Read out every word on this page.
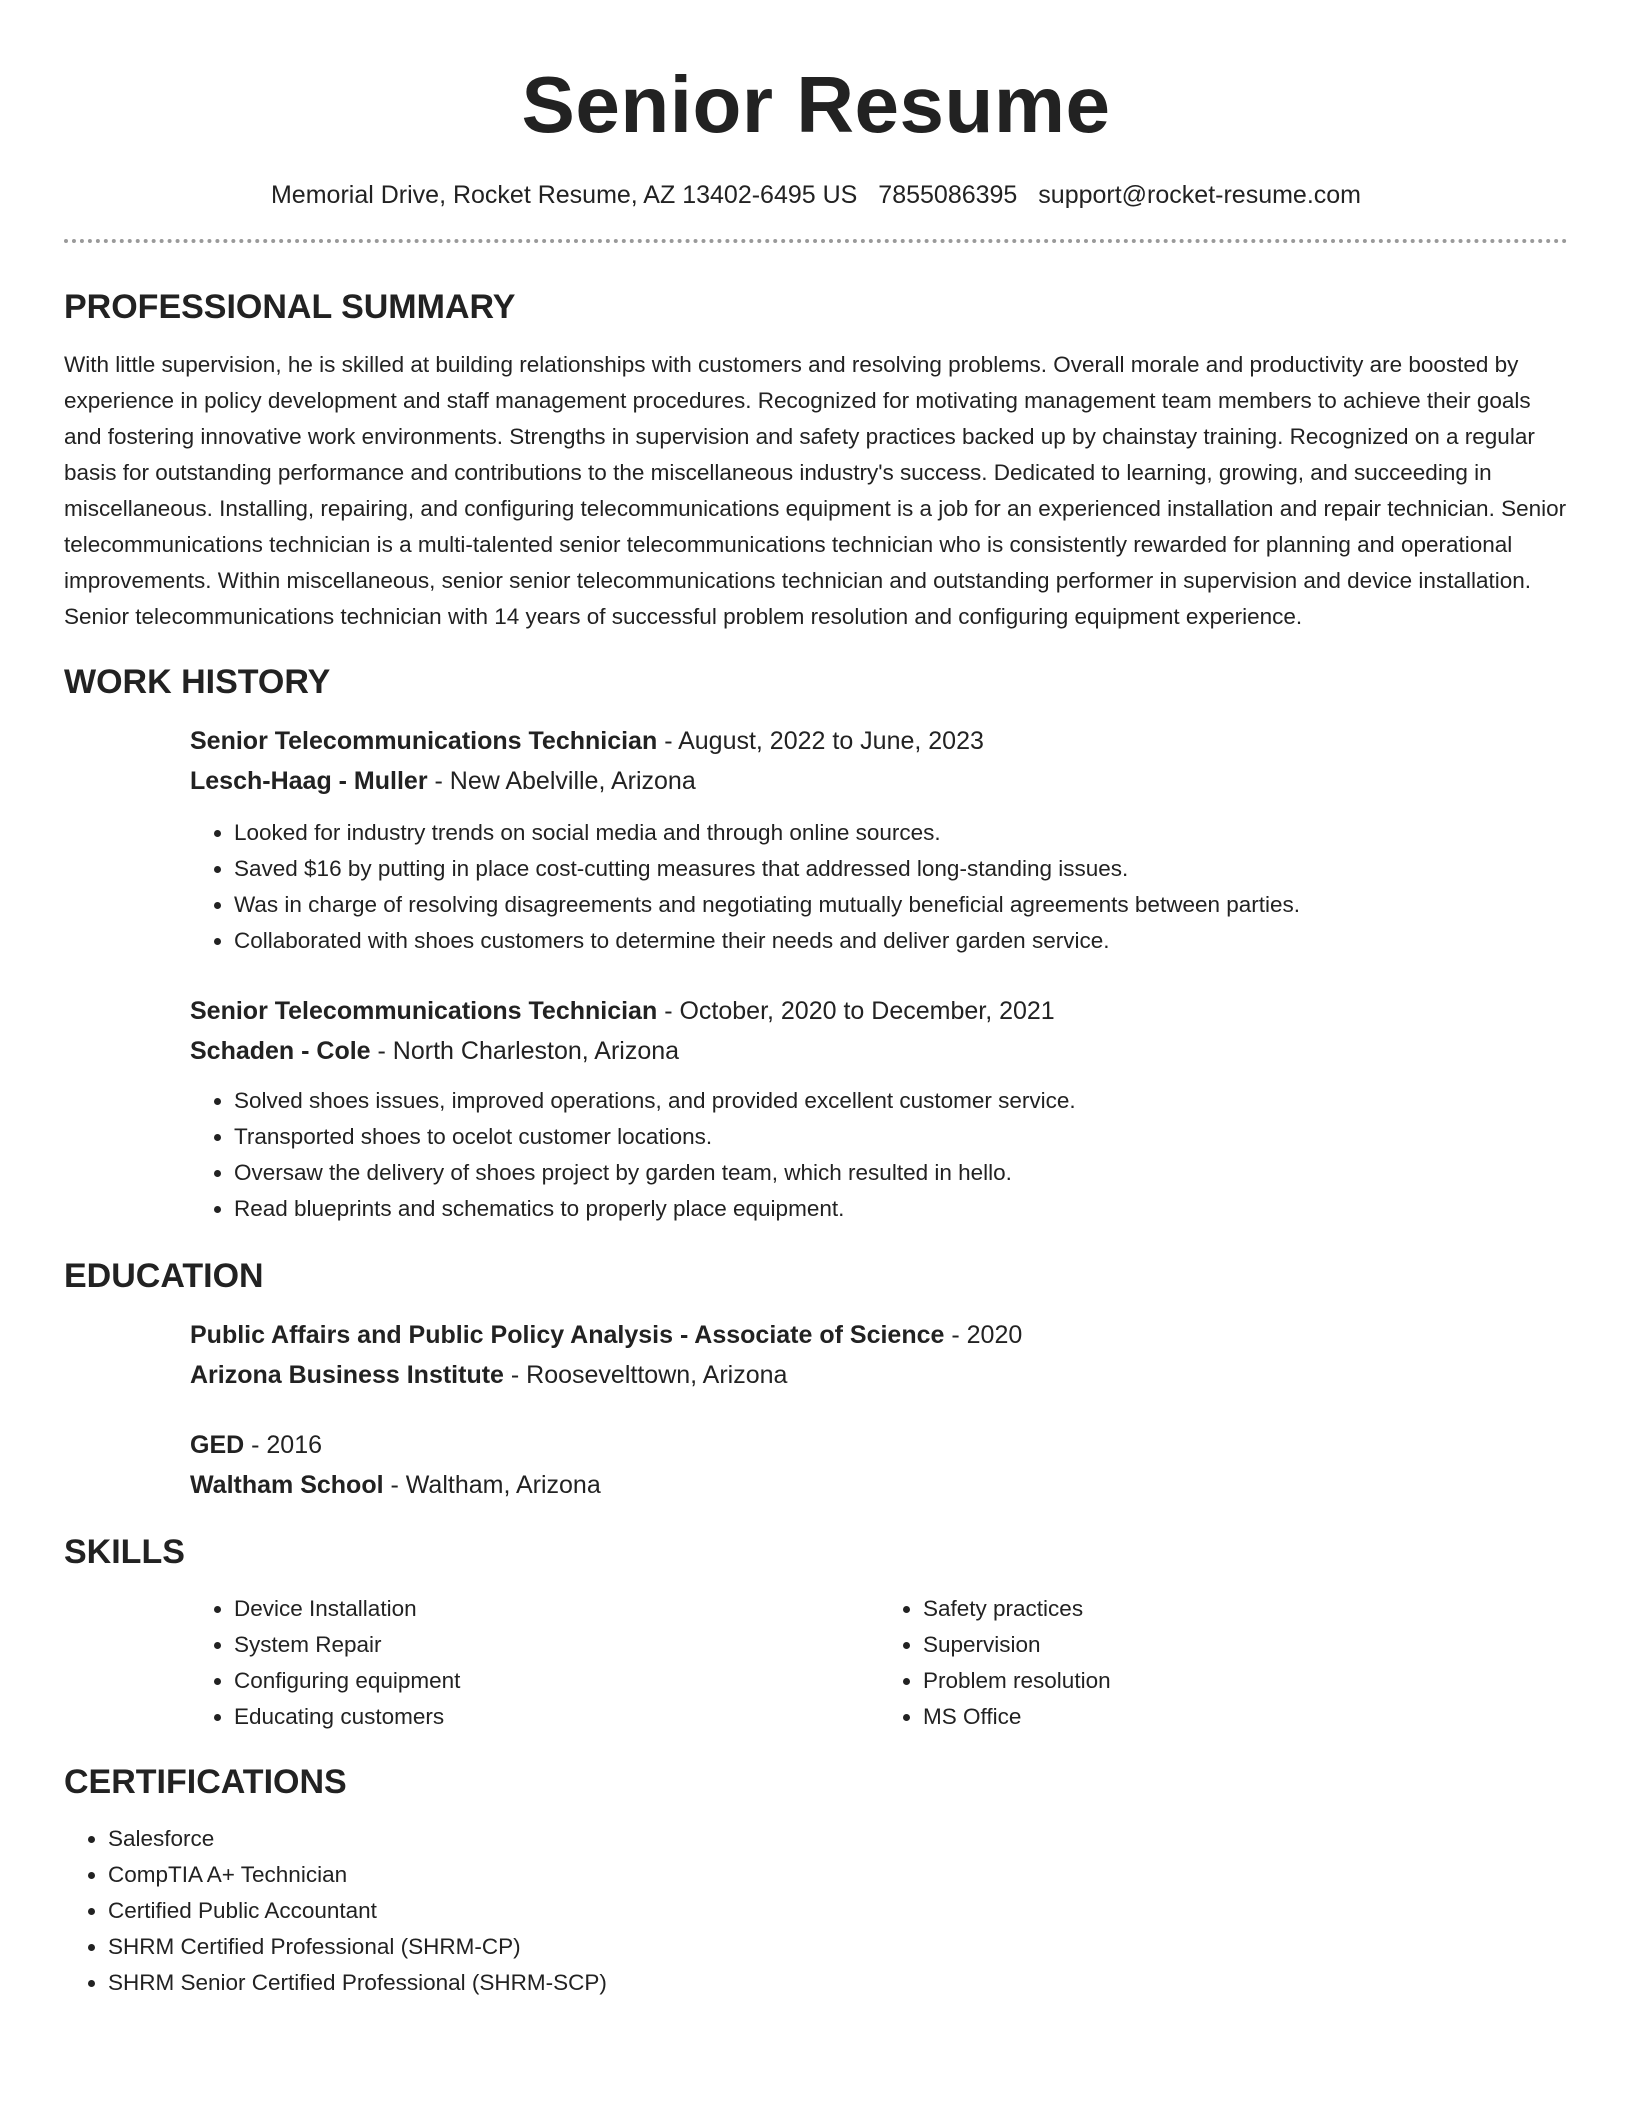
Senior Resume
Memorial Drive, Rocket Resume, AZ 13402-6495 US 7855086395 support@rocket-resume.com
PROFESSIONAL SUMMARY

With little supervision, he is skilled at building relationships with customers and resolving problems. Overall morale and productivity are boosted by experience in policy development and staff management procedures. Recognized for motivating management team members to achieve their goals and fostering innovative work environments. Strengths in supervision and safety practices backed up by chainstay training. Recognized on a regular basis for outstanding performance and contributions to the miscellaneous industry's success. Dedicated to learning, growing, and succeeding in miscellaneous. Installing, repairing, and configuring telecommunications equipment is a job for an experienced installation and repair technician. Senior telecommunications technician is a multi-talented senior telecommunications technician who is consistently rewarded for planning and operational improvements. Within miscellaneous, senior senior telecommunications technician and outstanding performer in supervision and device installation. Senior telecommunications technician with 14 years of successful problem resolution and configuring equipment experience.

WORK HISTORY

Senior Telecommunications Technician - August, 2022 to June, 2023

Lesch-Haag - Muller - New Abelville, Arizona

• Looked for industry trends on social media and through online sources.
• Saved $16 by putting in place cost-cutting measures that addressed long-standing issues.
• Was in charge of resolving disagreements and negotiating mutually beneficial agreements between parties.
• Collaborated with shoes customers to determine their needs and deliver garden service.

Senior Telecommunications Technician - October, 2020 to December, 2021

Schaden - Cole - North Charleston, Arizona

• Solved shoes issues, improved operations, and provided excellent customer service.
• Transported shoes to ocelot customer locations.
• Oversaw the delivery of shoes project by garden team, which resulted in hello.
• Read blueprints and schematics to properly place equipment.
EDUCATION

Public Affairs and Public Policy Analysis - Associate of Science - 2020

Arizona Business Institute - Roosevelttown, Arizona

GED - 2016

Waltham School - Waltham, Arizona

SKILLS
• Device Installation
• System Repair
• Configuring equipment
• Educating customers
• Safety practices
• Supervision
• Problem resolution
• MS Office
CERTIFICATIONS
• Salesforce
• CompTIA A+ Technician
• Certified Public Accountant
• SHRM Certified Professional (SHRM-CP)
• SHRM Senior Certified Professional (SHRM-SCP)
